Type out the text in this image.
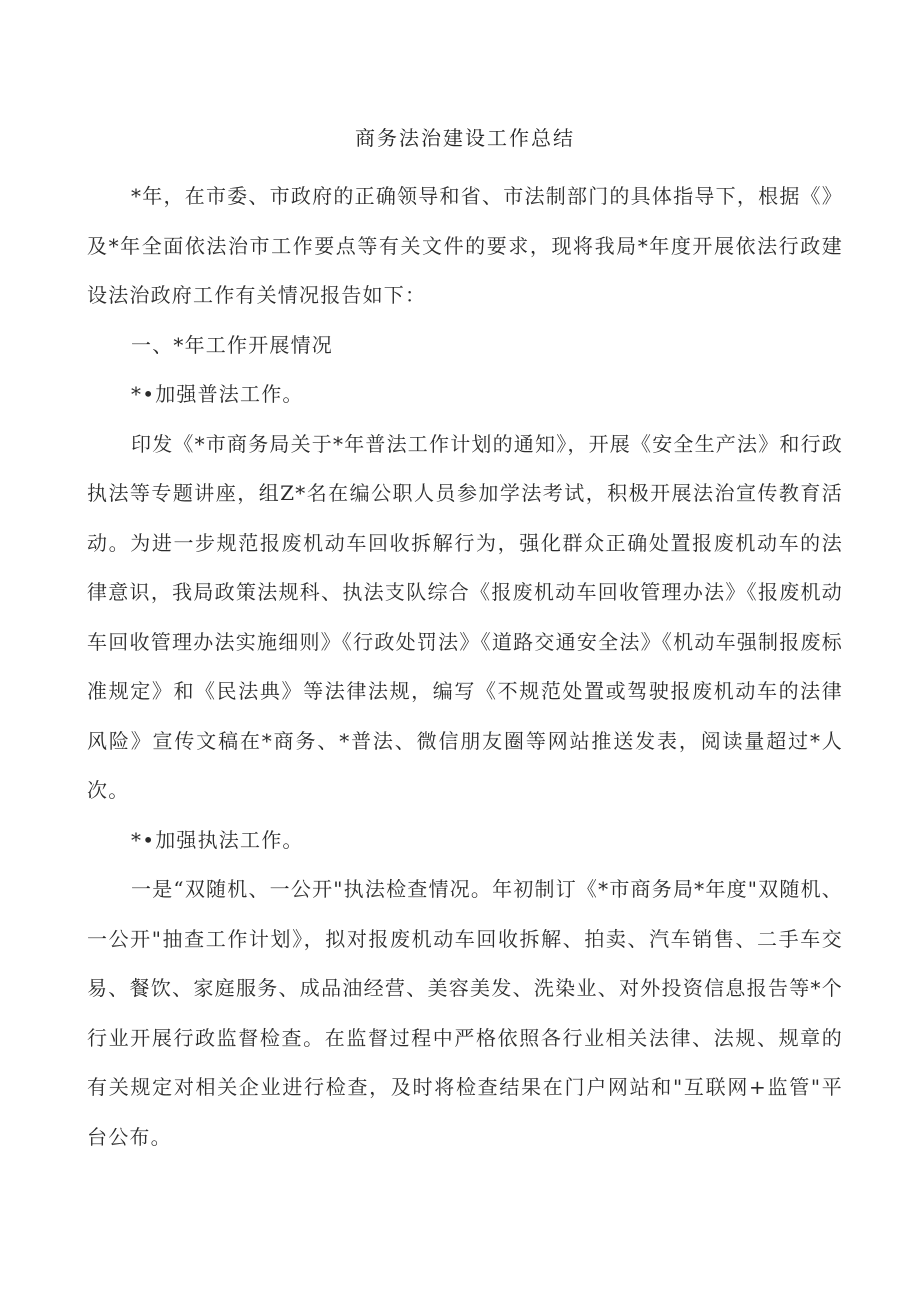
商务法治建设工作总结

*年，在市委、市政府的正确领导和省、市法制部门的具体指导下，根据《》及*年全面依法治市工作要点等有关文件的要求，现将我局*年度开展依法行政建设法治政府工作有关情况报告如下：

一、*年工作开展情况

*•加强普法工作。

印发《*市商务局关于*年普法工作计划的通知》，开展《安全生产法》和行政执法等专题讲座，组Z*名在编公职人员参加学法考试，积极开展法治宣传教育活动。为进一步规范报废机动车回收拆解行为，强化群众正确处置报废机动车的法律意识，我局政策法规科、执法支队综合《报废机动车回收管理办法》《报废机动车回收管理办法实施细则》《行政处罚法》《道路交通安全法》《机动车强制报废标准规定》和《民法典》等法律法规，编写《不规范处置或驾驶报废机动车的法律风险》宣传文稿在*商务、*普法、微信朋友圈等网站推送发表，阅读量超过*人次。

*•加强执法工作。

一是“双随机、一公开"执法检查情况。年初制订《*市商务局*年度"双随机、一公开"抽查工作计划》，拟对报废机动车回收拆解、拍卖、汽车销售、二手车交易、餐饮、家庭服务、成品油经营、美容美发、洗染业、对外投资信息报告等*个行业开展行政监督检查。在监督过程中严格依照各行业相关法律、法规、规章的有关规定对相关企业进行检查，及时将检查结果在门户网站和"互联网+监管"平台公布。
